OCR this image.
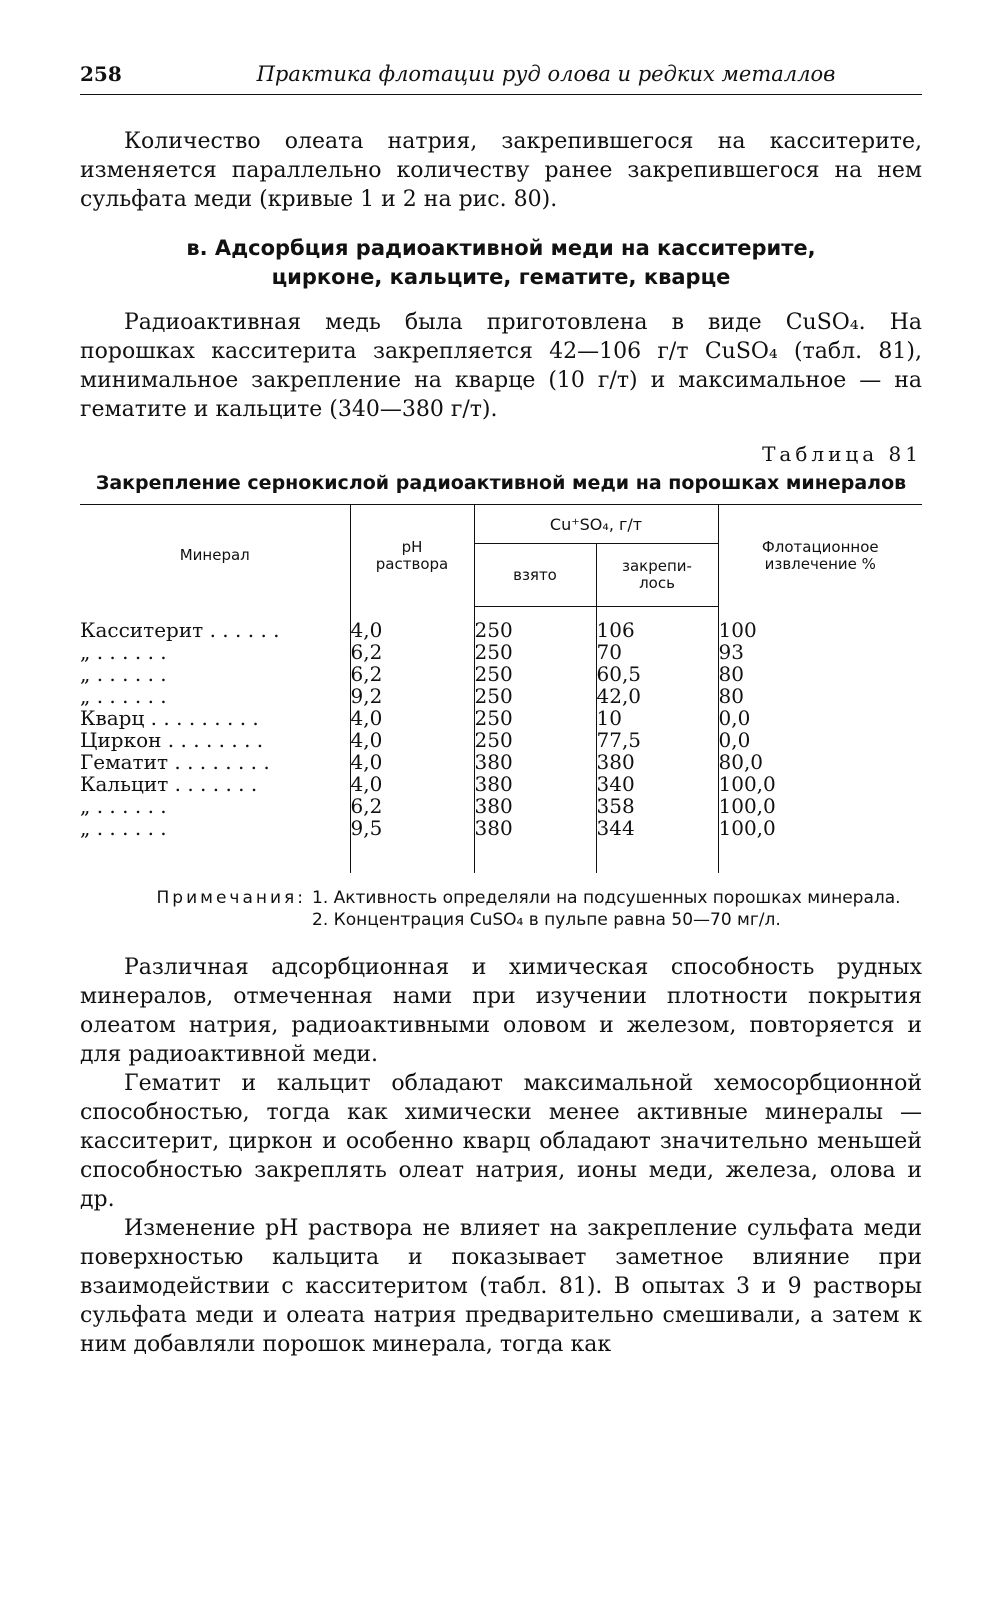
258	Практика флотации руд олова и редких металлов

Количество олеата натрия, закрепившегося на касситерите, изменяется параллельно количеству ранее закрепившегося на нем сульфата меди (кривые 1 и 2 на рис. 80).

в. Адсорбция радиоактивной меди на касситерите,
цирконе, кальците, гематите, кварце

Радиоактивная медь была приготовлена в виде CuSO₄. На порошках касситерита закрепляется 42—106 г/т CuSO₄ (табл. 81), минимальное закрепление на кварце (10 г/т) и максимальное — на гематите и кальците (340—380 г/т).

Таблица 81
Закрепление сернокислой радиоактивной меди на порошках минералов
Минерал	pH раствора	Cu⁺SO₄, г/т		Флотационное извлечение %
		взято	закрепи-лось	
Касситерит . . . . . .	4,0	250	106	100
„ . . . . . .	6,2	250	70	93
„ . . . . . .	6,2	250	60,5	80
„ . . . . . .	9,2	250	42,0	80
Кварц . . . . . . . . .	4,0	250	10	0,0
Циркон . . . . . . . .	4,0	250	77,5	0,0
Гематит . . . . . . . .	4,0	380	380	80,0
Кальцит . . . . . . .	4,0	380	340	100,0
„ . . . . . .	6,2	380	358	100,0
„ . . . . . .	9,5	380	344	100,0
Примечания: 1. Активность определяли на подсушенных порошках минерала.
2. Концентрация CuSO₄ в пульпе равна 50—70 мг/л.

Различная адсорбционная и химическая способность рудных минералов, отмеченная нами при изучении плотности покрытия олеатом натрия, радиоактивными оловом и железом, повторяется и для радиоактивной меди.

Гематит и кальцит обладают максимальной хемосорбционной способностью, тогда как химически менее активные минералы — касситерит, циркон и особенно кварц обладают значительно меньшей способностью закреплять олеат натрия, ионы меди, железа, олова и др.

Изменение pH раствора не влияет на закрепление сульфата меди поверхностью кальцита и показывает заметное влияние при взаимодействии с касситеритом (табл. 81). В опытах 3 и 9 растворы сульфата меди и олеата натрия предварительно смешивали, а затем к ним добавляли порошок минерала, тогда как
